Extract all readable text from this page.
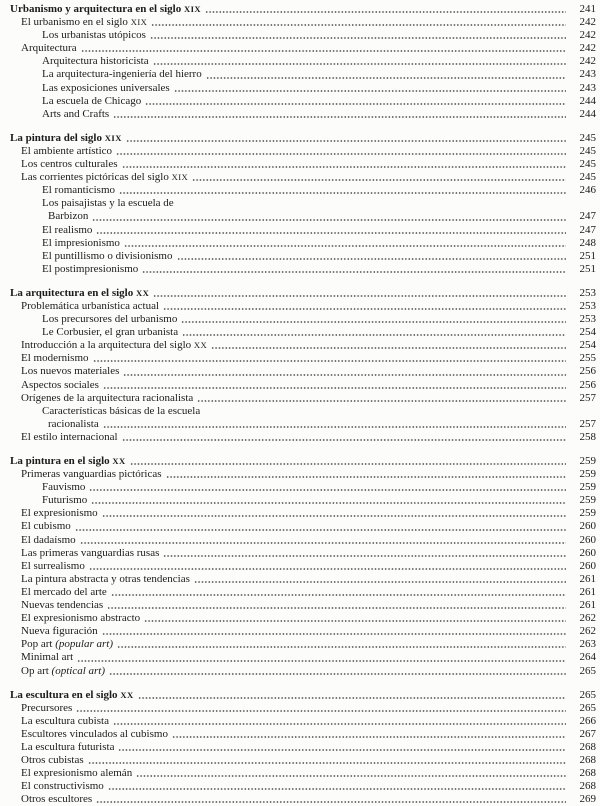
Urbanismo y arquitectura en el siglo XIX	241
El urbanismo en el siglo XIX	242
Los urbanistas utópicos	242
Arquitectura	242
Arquitectura historicista	242
La arquitectura-ingeniería del hierro	243
Las exposiciones universales	243
La escuela de Chicago	244
Arts and Crafts	244
La pintura del siglo XIX	245
El ambiente artístico	245
Los centros culturales	245
Las corrientes pictóricas del siglo XIX	245
El romanticismo	246
Los paisajistas y la escuela de
Barbizon	247
El realismo	247
El impresionismo	248
El puntillismo o divisionismo	251
El postimpresionismo	251
La arquitectura en el siglo XX	253
Problemática urbanística actual	253
Los precursores del urbanismo	253
Le Corbusier, el gran urbanista	254
Introducción a la arquitectura del siglo XX	254
El modernismo	255
Los nuevos materiales	256
Aspectos sociales	256
Orígenes de la arquitectura racionalista	257
Características básicas de la escuela
racionalista	257
El estilo internacional	258
La pintura en el siglo XX	259
Primeras vanguardias pictóricas	259
Fauvismo	259
Futurismo	259
El expresionismo	259
El cubismo	260
El dadaísmo	260
Las primeras vanguardias rusas	260
El surrealismo	260
La pintura abstracta y otras tendencias	261
El mercado del arte	261
Nuevas tendencias	261
El expresionismo abstracto	262
Nueva figuración	262
Pop art (popular art)	263
Minimal art	264
Op art (optical art)	265
La escultura en el siglo XX	265
Precursores	265
La escultura cubista	266
Escultores vinculados al cubismo	267
La escultura futurista	268
Otros cubistas	268
El expresionismo alemán	268
El constructivismo	268
Otros escultores	269
